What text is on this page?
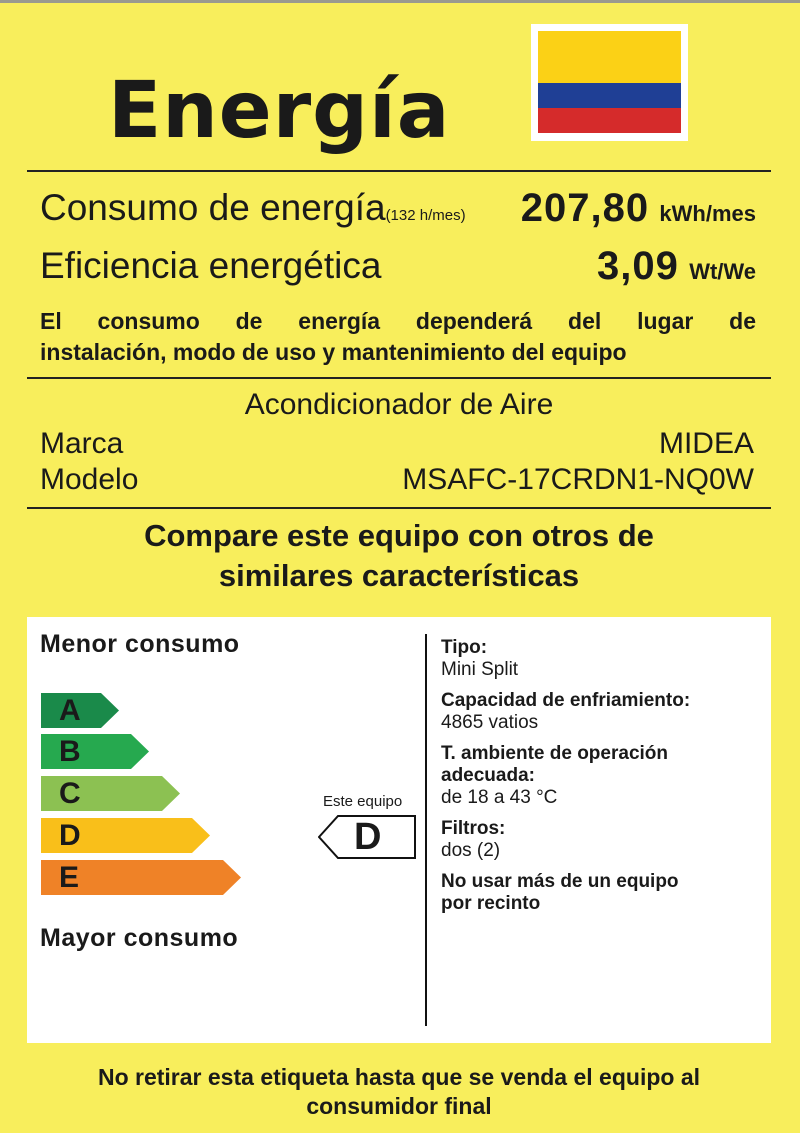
Energía
Consumo de energía(132 h/mes) 207,80 kWh/mes
Eficiencia energética	3,09 Wt/We
El consumo de energía dependerá del lugar de
instalación, modo de uso y mantenimiento del equipo
Acondicionador de Aire
Marca	MIDEA
Modelo	MSAFC-17CRDN1-NQ0W
Compare este equipo con otros de
similares características
Menor consumo
A
B
C
D
E
Mayor consumo
Este equipo
D
Tipo:
Mini Split
Capacidad de enfriamiento:
4865 vatios
T. ambiente de operación
adecuada:
de 18 a 43 °C
Filtros:
dos (2)
No usar más de un equipo
por recinto
No retirar esta etiqueta hasta que se venda el equipo al
consumidor final
